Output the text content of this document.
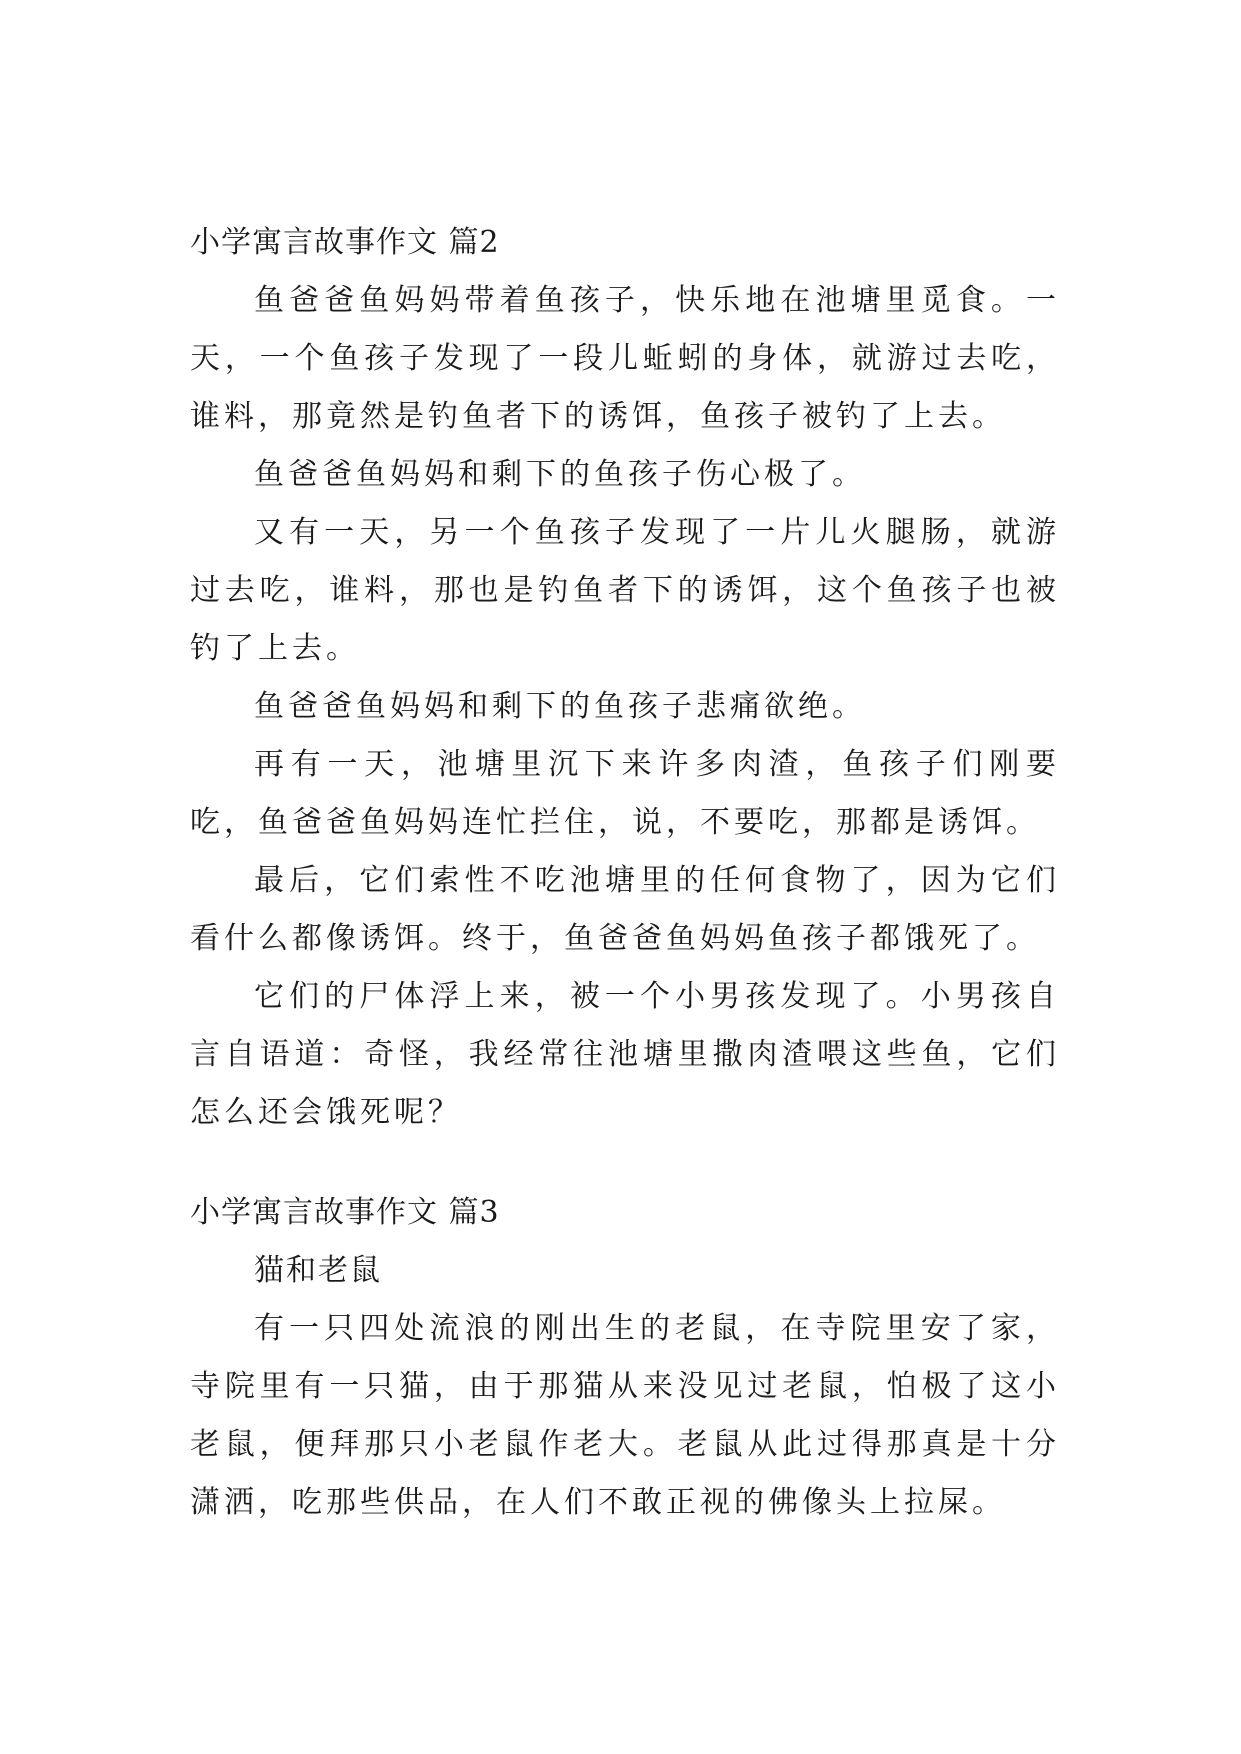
小学寓言故事作文 篇2

鱼爸爸鱼妈妈带着鱼孩子，快乐地在池塘里觅食。一天，一个鱼孩子发现了一段儿蚯蚓的身体，就游过去吃，谁料，那竟然是钓鱼者下的诱饵，鱼孩子被钓了上去。

鱼爸爸鱼妈妈和剩下的鱼孩子伤心极了。

又有一天，另一个鱼孩子发现了一片儿火腿肠，就游过去吃，谁料，那也是钓鱼者下的诱饵，这个鱼孩子也被钓了上去。

鱼爸爸鱼妈妈和剩下的鱼孩子悲痛欲绝。

再有一天，池塘里沉下来许多肉渣，鱼孩子们刚要吃，鱼爸爸鱼妈妈连忙拦住，说，不要吃，那都是诱饵。

最后，它们索性不吃池塘里的任何食物了，因为它们看什么都像诱饵。终于，鱼爸爸鱼妈妈鱼孩子都饿死了。

它们的尸体浮上来，被一个小男孩发现了。小男孩自言自语道：奇怪，我经常往池塘里撒肉渣喂这些鱼，它们怎么还会饿死呢？

小学寓言故事作文 篇3

猫和老鼠

有一只四处流浪的刚出生的老鼠，在寺院里安了家，寺院里有一只猫，由于那猫从来没见过老鼠，怕极了这小老鼠，便拜那只小老鼠作老大。老鼠从此过得那真是十分潇洒，吃那些供品，在人们不敢正视的佛像头上拉屎。
